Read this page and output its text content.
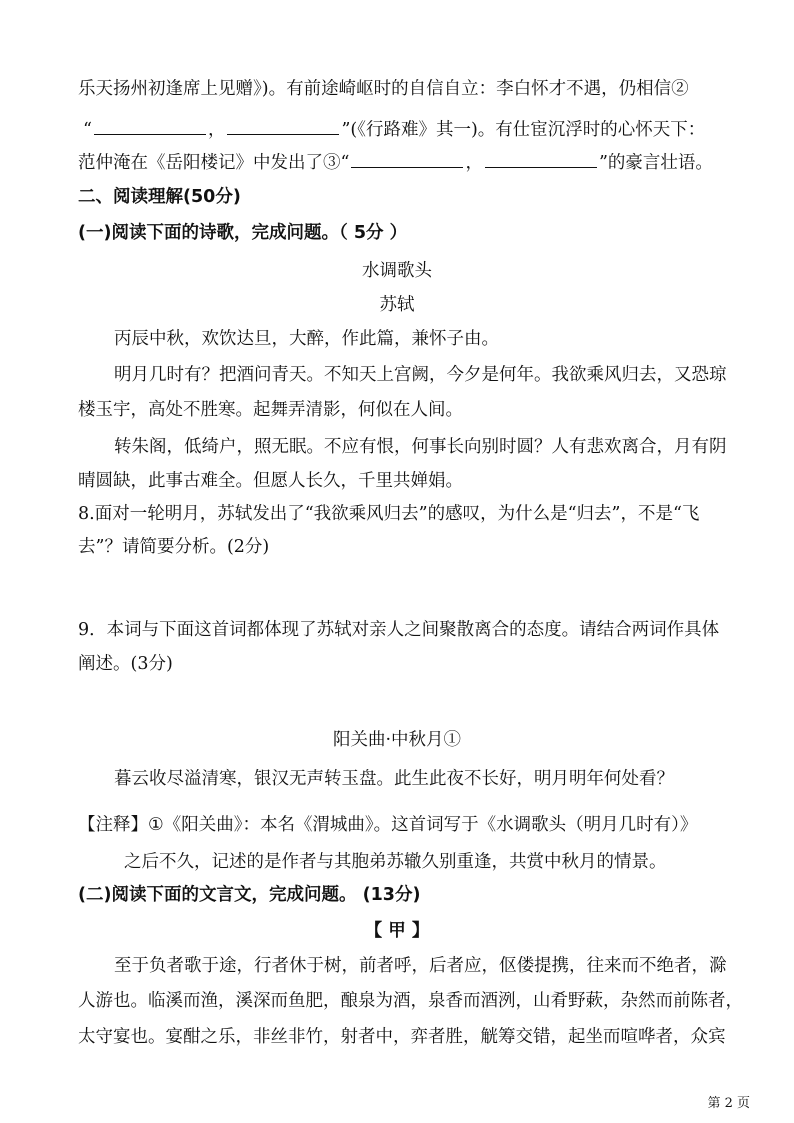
乐天扬州初逢席上见赠》)。有前途崎岖时的自信自立：李白怀才不遇，仍相信②
“	，	”(《行路难》其一)。有仕宦沉浮时的心怀天下：
范仲淹在《岳阳楼记》中发出了③“	，	”的豪言壮语。
二、阅读理解(50分)
(一)阅读下面的诗歌，完成问题。（ 5分 ）
水调歌头
苏轼
丙辰中秋，欢饮达旦，大醉，作此篇，兼怀子由。
明月几时有？把酒问青天。不知天上宫阙，今夕是何年。我欲乘风归去，又恐琼
楼玉宇，高处不胜寒。起舞弄清影，何似在人间。
转朱阁，低绮户，照无眠。不应有恨，何事长向别时圆？人有悲欢离合，月有阴
晴圆缺，此事古难全。但愿人长久，千里共婵娟。
8.面对一轮明月，苏轼发出了“我欲乘风归去”的感叹，为什么是“归去”，不是“飞
去”？请简要分析。(2分)
9．本词与下面这首词都体现了苏轼对亲人之间聚散离合的态度。请结合两词作具体
阐述。(3分)
阳关曲·中秋月①
暮云收尽溢清寒，银汉无声转玉盘。此生此夜不长好，明月明年何处看？
【注释】①《阳关曲》：本名《渭城曲》。这首词写于《水调歌头（明月几时有）》
之后不久，记述的是作者与其胞弟苏辙久别重逢，共赏中秋月的情景。
(二)阅读下面的文言文，完成问题。 (13分)
【 甲 】
至于负者歌于途，行者休于树，前者呼，后者应，伛偻提携，往来而不绝者，滁
人游也。临溪而渔，溪深而鱼肥，酿泉为酒，泉香而酒洌，山肴野蔌，杂然而前陈者，
太守宴也。宴酣之乐，非丝非竹，射者中，弈者胜，觥筹交错，起坐而喧哗者，众宾
第 2 页
